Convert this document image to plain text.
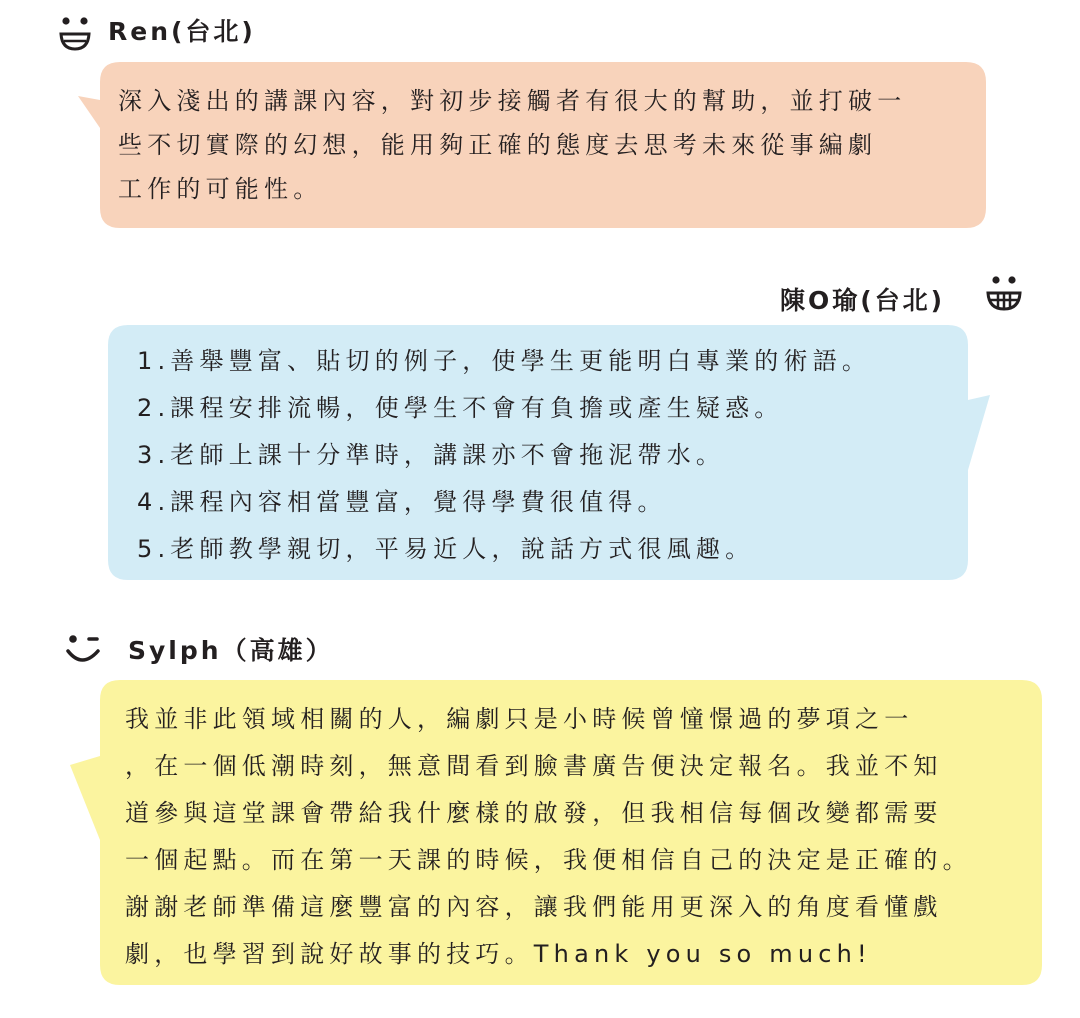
Ren(台北)
深入淺出的講課內容，對初步接觸者有很大的幫助，並打破一
些不切實際的幻想，能用夠正確的態度去思考未來從事編劇
工作的可能性。
陳O瑜(台北)
1.善舉豐富、貼切的例子，使學生更能明白專業的術語。
2.課程安排流暢，使學生不會有負擔或產生疑惑。
3.老師上課十分準時，講課亦不會拖泥帶水。
4.課程內容相當豐富，覺得學費很值得。
5.老師教學親切，平易近人，說話方式很風趣。
Sylph（高雄）
我並非此領域相關的人，編劇只是小時候曾憧憬過的夢項之一
，在一個低潮時刻，無意間看到臉書廣告便決定報名。我並不知
道參與這堂課會帶給我什麼樣的啟發，但我相信每個改變都需要
一個起點。而在第一天課的時候，我便相信自己的決定是正確的。
謝謝老師準備這麼豐富的內容，讓我們能用更深入的角度看懂戲
劇，也學習到說好故事的技巧。Thank you so much!
